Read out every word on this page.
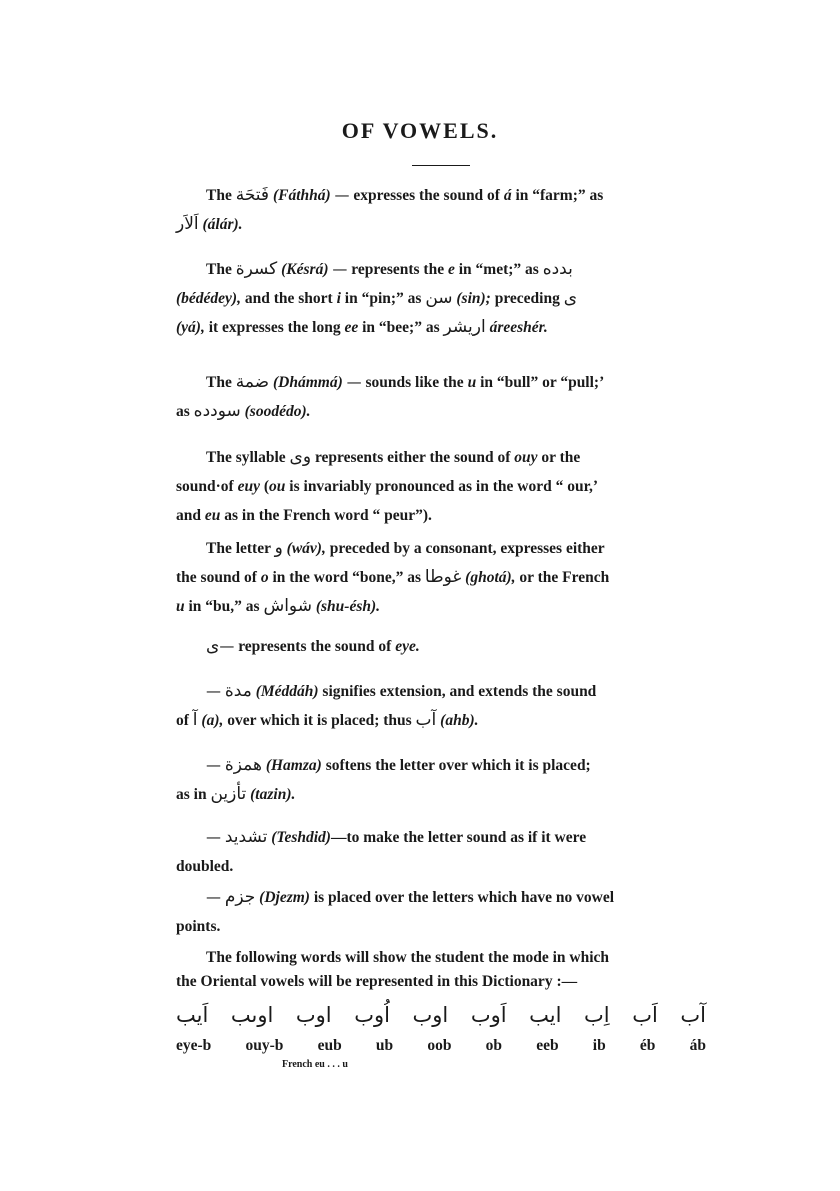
OF VOWELS.
The فَتحَة (Fáthhá) — expresses the sound of á in “farm;” as
اَلاَر (álár).
The كسرة (Késrá) — represents the e in “met;” as بدده
(bédédey), and the short i in “pin;” as سن (sin); preceding ى
(yá), it expresses the long ee in “bee;” as اريشر áreeshér.
The ضمة (Dhámmá) — sounds like the u in “bull” or “pull;’
as سودده (soodédo).
The syllable وى represents either the sound of ouy or the
sound·of euy (ou is invariably pronounced as in the word “ our,’
and eu as in the French word “ peur”).
The letter و (wáv), preceded by a consonant, expresses either
the sound of o in the word “bone,” as غوطا (ghotá), or the French
u in “bu,” as شواش (shu-ésh).
ى— represents the sound of eye.
— مدة (Méddáh) signifies extension, and extends the sound
of آ (a), over which it is placed; thus آب (ahb).
— همزة (Hamza) softens the letter over which it is placed;
as in تأزين (tazin).
— تشديد (Teshdid)—to make the letter sound as if it were
doubled.
— جزم (Djezm) is placed over the letters which have no vowel
points.
The following words will show the student the mode in which
the Oriental vowels will be represented in this Dictionary :—
اَيب اوىب اوب اُوب اوب اَوب ايب اِب اَب آب
eye-b ouy-b eub ub oob ob eeb ib éb áb
French eu . . . u
